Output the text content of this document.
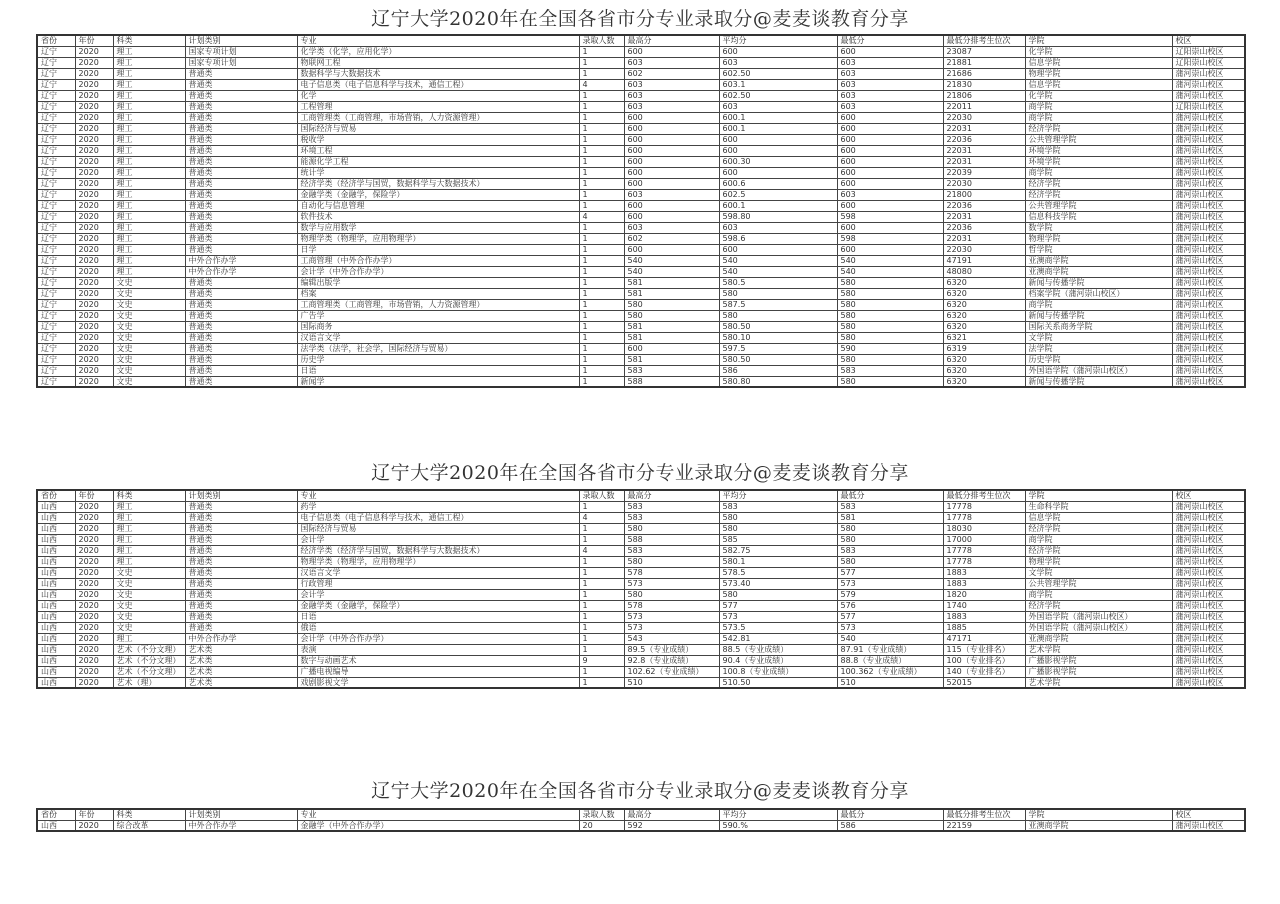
辽宁大学2020年在全国各省市分专业录取分@麦麦谈教育分享
省份	年份	科类	计划类别	专业	录取人数	最高分	平均分	最低分	最低分排考生位次	学院	校区
辽宁	2020	理工	国家专项计划	化学类（化学，应用化学）	1	600	600	600	23087	化学院	辽阳崇山校区
辽宁	2020	理工	国家专项计划	物联网工程	1	603	603	603	21881	信息学院	辽阳崇山校区
辽宁	2020	理工	普通类	数据科学与大数据技术	1	602	602.50	603	21686	物理学院	蒲河崇山校区
辽宁	2020	理工	普通类	电子信息类（电子信息科学与技术，通信工程）	4	603	603.1	603	21830	信息学院	蒲河崇山校区
辽宁	2020	理工	普通类	化学	1	603	602.50	603	21806	化学院	蒲河崇山校区
辽宁	2020	理工	普通类	工程管理	1	603	603	603	22011	商学院	辽阳崇山校区
辽宁	2020	理工	普通类	工商管理类（工商管理，市场营销，人力资源管理）	1	600	600.1	600	22030	商学院	蒲河崇山校区
辽宁	2020	理工	普通类	国际经济与贸易	1	600	600.1	600	22031	经济学院	蒲河崇山校区
辽宁	2020	理工	普通类	税收学	1	600	600	600	22036	公共管理学院	蒲河崇山校区
辽宁	2020	理工	普通类	环境工程	1	600	600	600	22031	环境学院	蒲河崇山校区
辽宁	2020	理工	普通类	能源化学工程	1	600	600.30	600	22031	环境学院	蒲河崇山校区
辽宁	2020	理工	普通类	统计学	1	600	600	600	22039	商学院	蒲河崇山校区
辽宁	2020	理工	普通类	经济学类（经济学与国贸，数据科学与大数据技术）	1	600	600.6	600	22030	经济学院	蒲河崇山校区
辽宁	2020	理工	普通类	金融学类（金融学，保险学）	1	603	602.5	603	21800	经济学院	蒲河崇山校区
辽宁	2020	理工	普通类	自动化与信息管理	1	600	600.1	600	22036	公共管理学院	蒲河崇山校区
辽宁	2020	理工	普通类	软件技术	4	600	598.80	598	22031	信息科技学院	蒲河崇山校区
辽宁	2020	理工	普通类	数学与应用数学	1	603	603	600	22036	数学院	蒲河崇山校区
辽宁	2020	理工	普通类	物理学类（物理学，应用物理学）	1	602	598.6	598	22031	物理学院	蒲河崇山校区
辽宁	2020	理工	普通类	日学	1	600	600	600	22030	哲学院	蒲河崇山校区
辽宁	2020	理工	中外合作办学	工商管理（中外合作办学）	1	540	540	540	47191	亚澳商学院	蒲河崇山校区
辽宁	2020	理工	中外合作办学	会计学（中外合作办学）	1	540	540	540	48080	亚澳商学院	蒲河崇山校区
辽宁	2020	文史	普通类	编辑出版学	1	581	580.5	580	6320	新闻与传播学院	蒲河崇山校区
辽宁	2020	文史	普通类	档案	1	581	580	580	6320	档案学院（蒲河崇山校区）	蒲河崇山校区
辽宁	2020	文史	普通类	工商管理类（工商管理，市场营销，人力资源管理）	1	580	587.5	580	6320	商学院	蒲河崇山校区
辽宁	2020	文史	普通类	广告学	1	580	580	580	6320	新闻与传播学院	蒲河崇山校区
辽宁	2020	文史	普通类	国际商务	1	581	580.50	580	6320	国际关系商务学院	蒲河崇山校区
辽宁	2020	文史	普通类	汉语言文学	1	581	580.10	580	6321	文学院	蒲河崇山校区
辽宁	2020	文史	普通类	法学类（法学，社会学，国际经济与贸易）	1	600	597.5	590	6319	法学院	蒲河崇山校区
辽宁	2020	文史	普通类	历史学	1	581	580.50	580	6320	历史学院	蒲河崇山校区
辽宁	2020	文史	普通类	日语	1	583	586	583	6320	外国语学院（蒲河崇山校区）	蒲河崇山校区
辽宁	2020	文史	普通类	新闻学	1	588	580.80	580	6320	新闻与传播学院	蒲河崇山校区
辽宁大学2020年在全国各省市分专业录取分@麦麦谈教育分享
省份	年份	科类	计划类别	专业	录取人数	最高分	平均分	最低分	最低分排考生位次	学院	校区
山西	2020	理工	普通类	药学	1	583	583	583	17778	生命科学院	蒲河崇山校区
山西	2020	理工	普通类	电子信息类（电子信息科学与技术，通信工程）	4	583	580	581	17778	信息学院	蒲河崇山校区
山西	2020	理工	普通类	国际经济与贸易	1	580	580	580	18030	经济学院	蒲河崇山校区
山西	2020	理工	普通类	会计学	1	588	585	580	17000	商学院	蒲河崇山校区
山西	2020	理工	普通类	经济学类（经济学与国贸，数据科学与大数据技术）	4	583	582.75	583	17778	经济学院	蒲河崇山校区
山西	2020	理工	普通类	物理学类（物理学，应用物理学）	1	580	580.1	580	17778	物理学院	蒲河崇山校区
山西	2020	文史	普通类	汉语言文学	1	578	578.5	577	1883	文学院	蒲河崇山校区
山西	2020	文史	普通类	行政管理	1	573	573.40	573	1883	公共管理学院	蒲河崇山校区
山西	2020	文史	普通类	会计学	1	580	580	579	1820	商学院	蒲河崇山校区
山西	2020	文史	普通类	金融学类（金融学，保险学）	1	578	577	576	1740	经济学院	蒲河崇山校区
山西	2020	文史	普通类	日语	1	573	573	577	1883	外国语学院（蒲河崇山校区）	蒲河崇山校区
山西	2020	文史	普通类	俄语	1	573	573.5	573	1885	外国语学院（蒲河崇山校区）	蒲河崇山校区
山西	2020	理工	中外合作办学	会计学（中外合作办学）	1	543	542.81	540	47171	亚澳商学院	蒲河崇山校区
山西	2020	艺术（不分文理）	艺术类	表演	1	89.5（专业成绩）	88.5（专业成绩）	87.91（专业成绩）	115（专业排名）	艺术学院	蒲河崇山校区
山西	2020	艺术（不分文理）	艺术类	数字与动画艺术	9	92.8（专业成绩）	90.4（专业成绩）	88.8（专业成绩）	100（专业排名）	广播影视学院	蒲河崇山校区
山西	2020	艺术（不分文理）	艺术类	广播电视编导	1	102.62（专业成绩）	100.8（专业成绩）	100.362（专业成绩）	140（专业排名）	广播影视学院	蒲河崇山校区
山西	2020	艺术（理）	艺术类	戏剧影视文学	1	510	510.50	510	52015	艺术学院	蒲河崇山校区
辽宁大学2020年在全国各省市分专业录取分@麦麦谈教育分享
省份	年份	科类	计划类别	专业	录取人数	最高分	平均分	最低分	最低分排考生位次	学院	校区
山西	2020	综合改革	中外合作办学	金融学（中外合作办学）	20	592	590.%	586	22159	亚澳商学院	蒲河崇山校区
